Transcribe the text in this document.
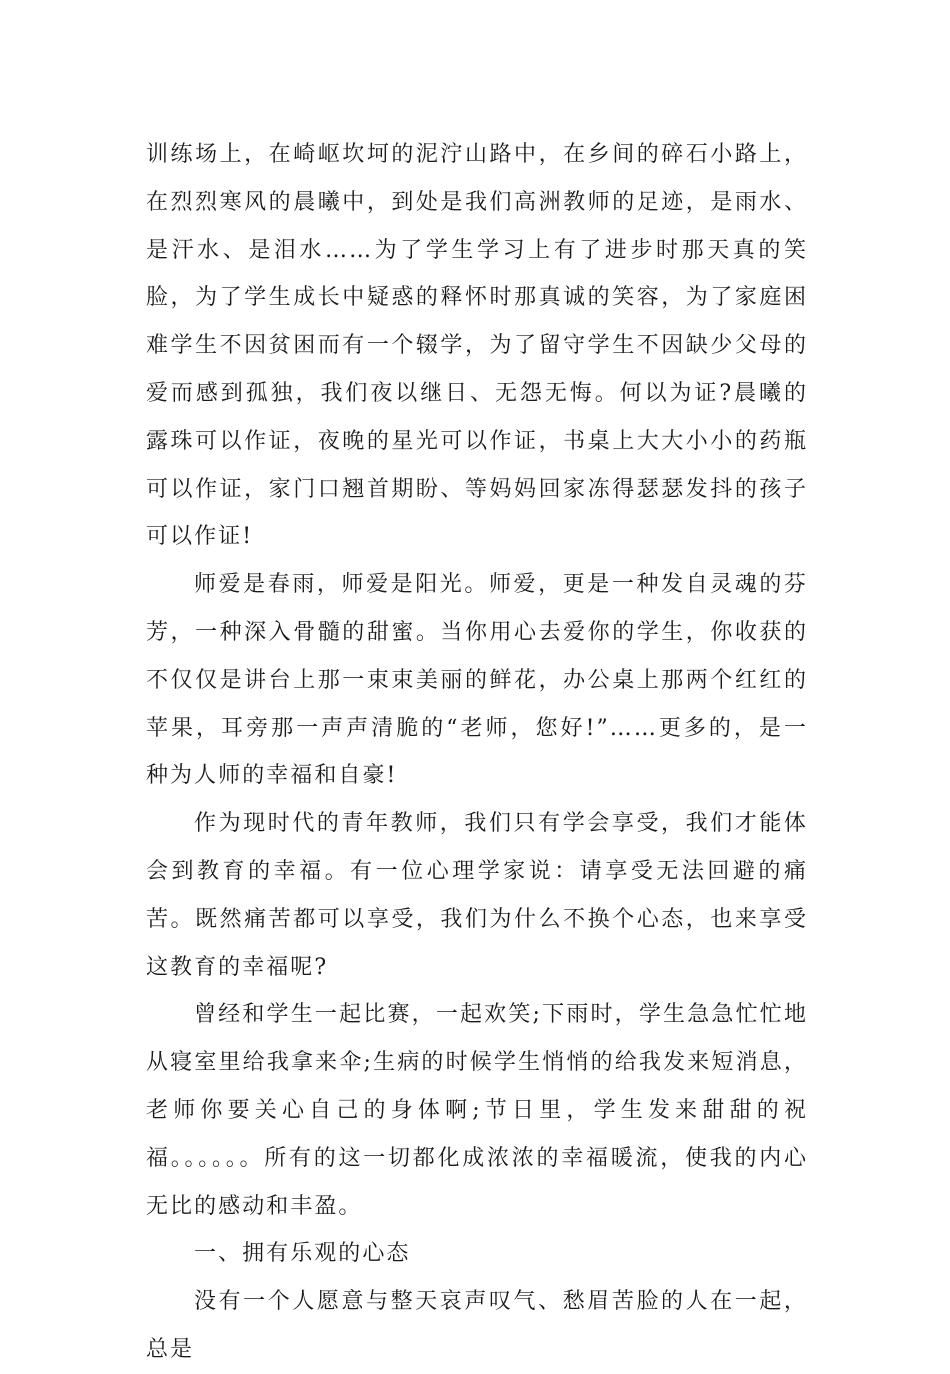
训练场上，在崎岖坎坷的泥泞山路中，在乡间的碎石小路上，在烈烈寒风的晨曦中，到处是我们高洲教师的足迹，是雨水、是汗水、是泪水……为了学生学习上有了进步时那天真的笑脸，为了学生成长中疑惑的释怀时那真诚的笑容，为了家庭困难学生不因贫困而有一个辍学，为了留守学生不因缺少父母的爱而感到孤独，我们夜以继日、无怨无悔。何以为证?晨曦的露珠可以作证，夜晚的星光可以作证，书桌上大大小小的药瓶可以作证，家门口翘首期盼、等妈妈回家冻得瑟瑟发抖的孩子可以作证!

师爱是春雨，师爱是阳光。师爱，更是一种发自灵魂的芬芳，一种深入骨髓的甜蜜。当你用心去爱你的学生，你收获的不仅仅是讲台上那一束束美丽的鲜花，办公桌上那两个红红的苹果，耳旁那一声声清脆的“老师，您好!”……更多的，是一种为人师的幸福和自豪!

作为现时代的青年教师，我们只有学会享受，我们才能体会到教育的幸福。有一位心理学家说：请享受无法回避的痛苦。既然痛苦都可以享受，我们为什么不换个心态，也来享受这教育的幸福呢?

曾经和学生一起比赛，一起欢笑;下雨时，学生急急忙忙地从寝室里给我拿来伞;生病的时候学生悄悄的给我发来短消息，老师你要关心自己的身体啊;节日里，学生发来甜甜的祝福。。。。。。所有的这一切都化成浓浓的幸福暖流，使我的内心无比的感动和丰盈。

一、拥有乐观的心态

没有一个人愿意与整天哀声叹气、愁眉苦脸的人在一起，总是
